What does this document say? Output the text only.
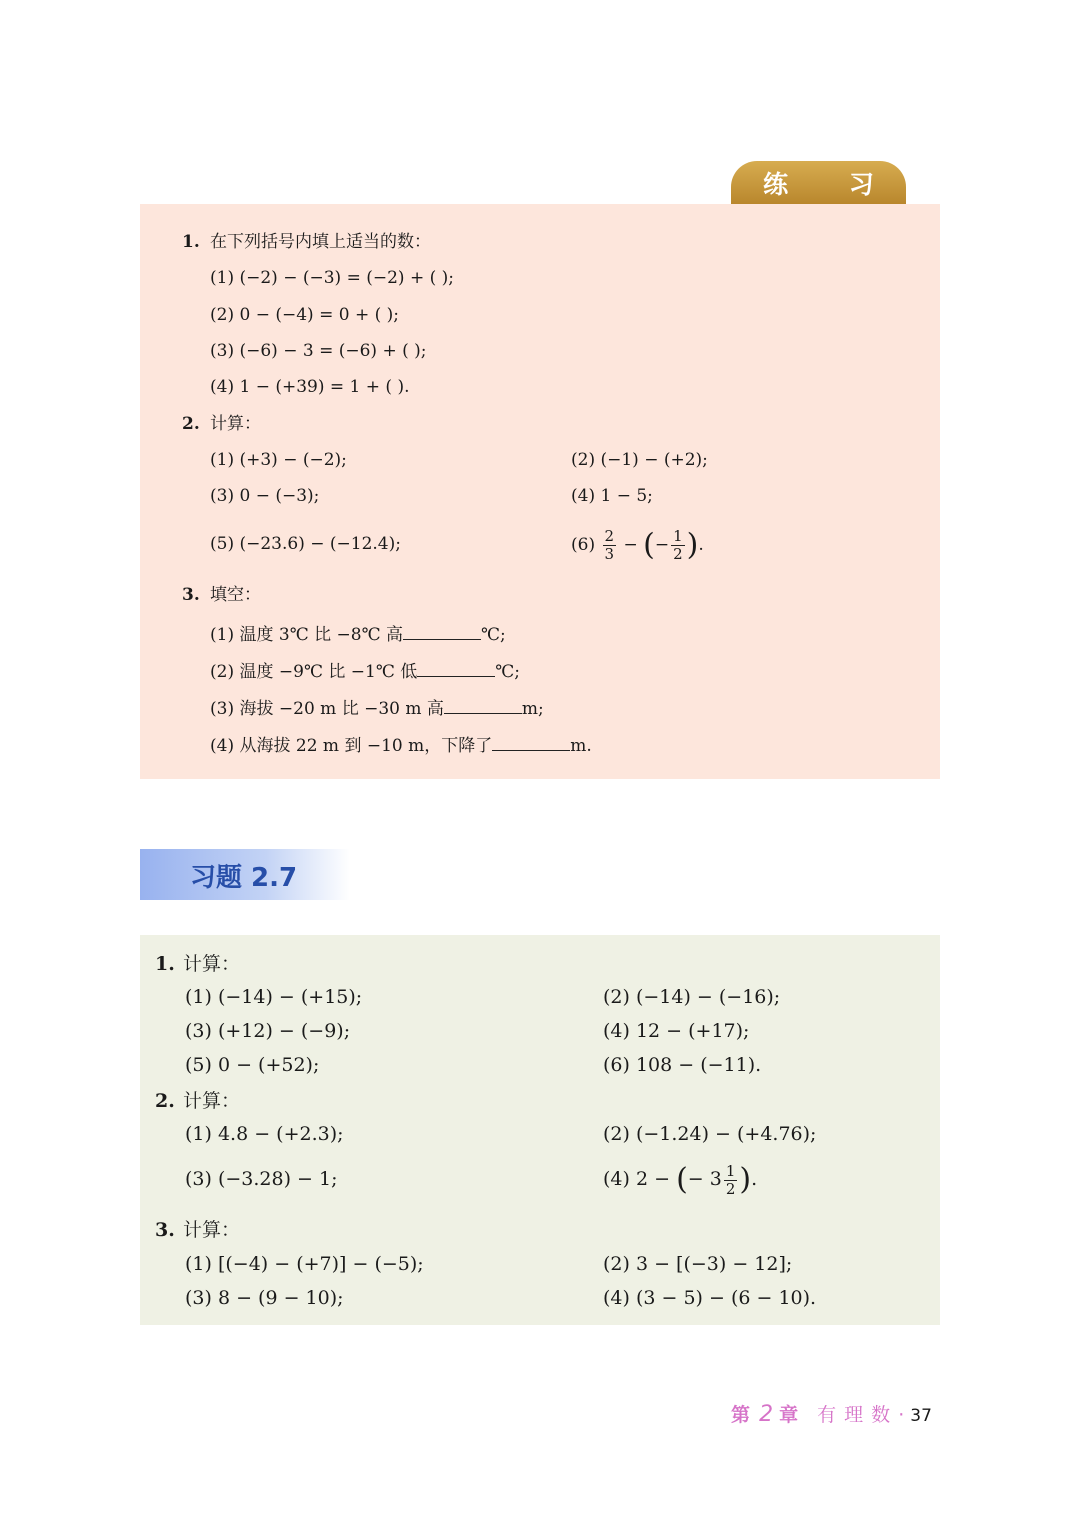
练 习
1. 在下列括号内填上适当的数：
(1) (−2) − (−3) = (−2) + ( );
(2) 0 − (−4) = 0 + ( );
(3) (−6) − 3 = (−6) + ( );
(4) 1 − (+39) = 1 + ( ).
2. 计算：
(1) (+3) − (−2);	(2) (−1) − (+2);
(3) 0 − (−3);	(4) 1 − 5;
(5) (−23.6) − (−12.4);	$(6) \frac{2}{3}$ − (− $\frac{1}{2}$ ).
3. 填空：
(1) 温度 3℃ 比 −8℃ 高	℃;
(2) 温度 −9℃ 比 −1℃ 低	℃;
(3) 海拔 −20 m 比 −30 m 高	m;
(4) 从海拔 22 m 到 −10 m，下降了	m.
习题 2.7
1. 计算：
(1) (−14) − (+15);	(2) (−14) − (−16);
(3) (+12) − (−9);	(4) 12 − (+17);
(5) 0 − (+52);	(6) 108 − (−11).
2. 计算：
(1) 4.8 − (+2.3);	(2) (−1.24) − (+4.76);
(3) (−3.28) − 1;	(4) 2 − (− $3 \frac{1}{2}$ ).
3. 计算：
(1) [(−4) − (+7)] − (−5);	(2) 3 − [(−3) − 12];
(3) 8 − (9 − 10);	(4) (3 − 5) − (6 − 10).
第 2 章 有理数· 37
